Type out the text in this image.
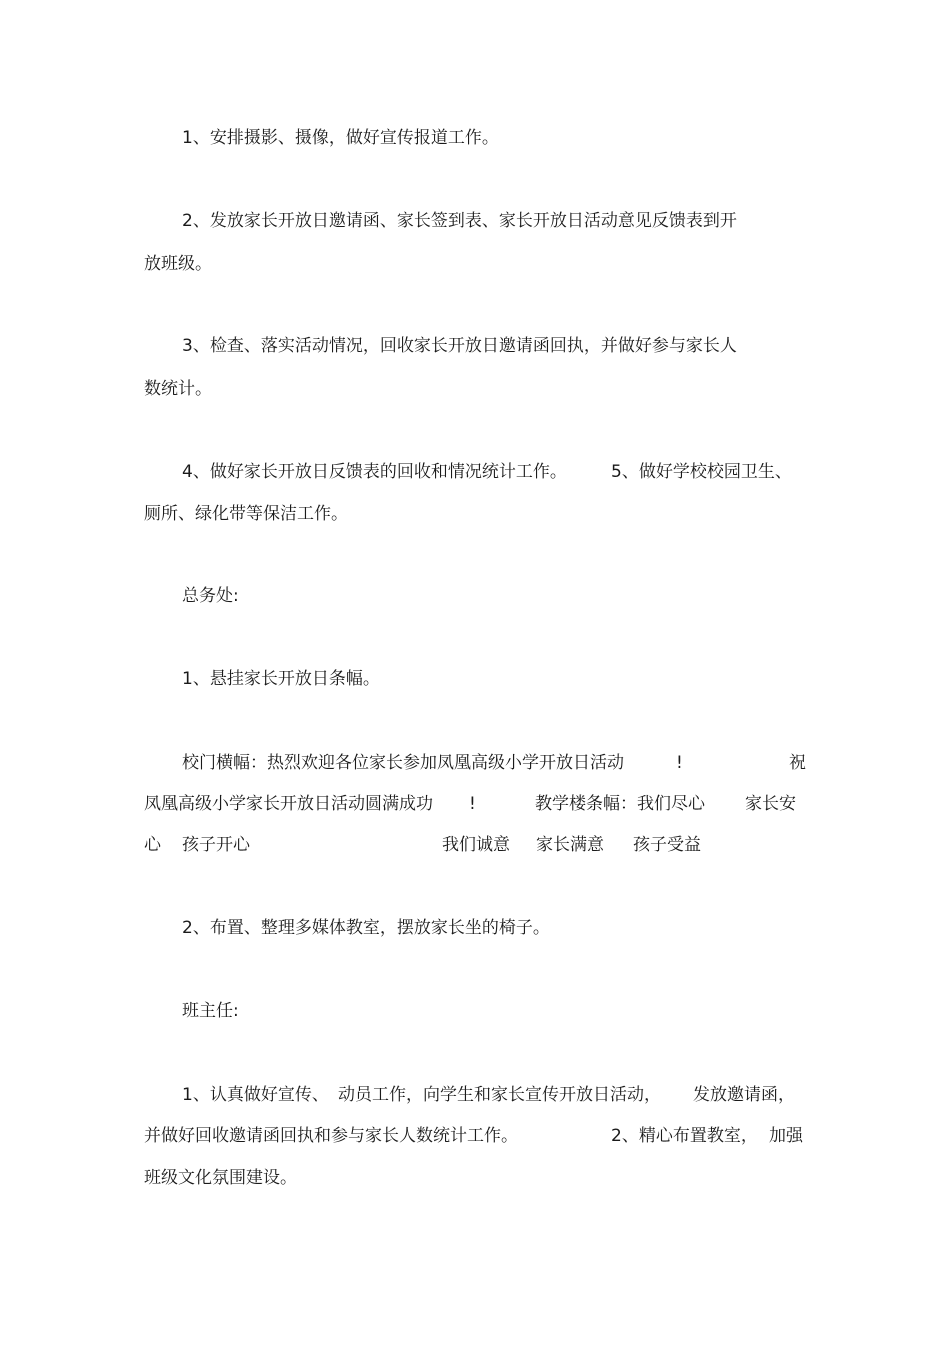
1、安排摄影、摄像，做好宣传报道工作。
2、发放家长开放日邀请函、家长签到表、家长开放日活动意见反馈表到开
放班级。
3、检查、落实活动情况，回收家长开放日邀请函回执，并做好参与家长人
数统计。
4、做好家长开放日反馈表的回收和情况统计工作。	5、做好学校校园卫生、
厕所、绿化带等保洁工作。
总务处:
1、悬挂家长开放日条幅。
校门横幅：热烈欢迎各位家长参加凤凰高级小学开放日活动	!	祝
凤凰高级小学家长开放日活动圆满成功 !	教学楼条幅：我们尽心 家长安
心 孩子开心	我们诚意 家长满意 孩子受益
2、布置、整理多媒体教室，摆放家长坐的椅子。
班主任:
1、认真做好宣传、 动员工作，向学生和家长宣传开放日活动， 发放邀请函，
并做好回收邀请函回执和参与家长人数统计工作。	2、精心布置教室， 加强
班级文化氛围建设。
